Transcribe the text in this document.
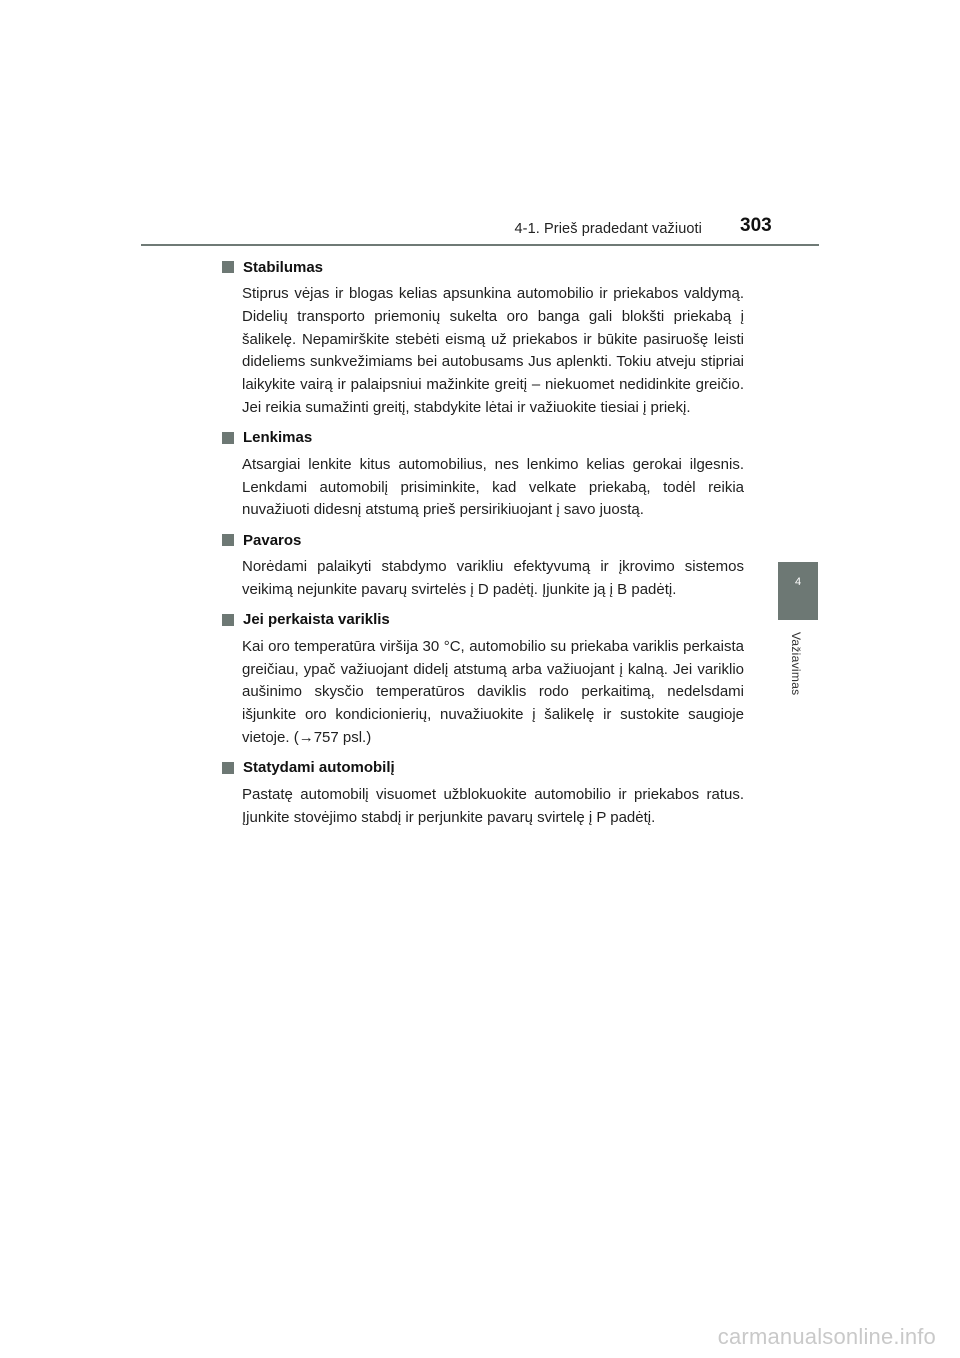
4-1. Prieš pradedant važiuoti 303
4
Važiavimas
Stabilumas
Stiprus vėjas ir blogas kelias apsunkina automobilio ir priekabos valdymą. Didelių transporto priemonių sukelta oro banga gali blokšti priekabą į šalikelę. Nepamirškite stebėti eismą už priekabos ir būkite pasiruošę leisti dideliems sunkvežimiams bei autobusams Jus aplenkti. Tokiu atveju stipriai laikykite vairą ir palaipsniui mažinkite greitį – niekuomet nedidinkite greičio. Jei reikia sumažinti greitį, stabdykite lėtai ir važiuokite tiesiai į priekį.
Lenkimas
Atsargiai lenkite kitus automobilius, nes lenkimo kelias gerokai ilgesnis. Lenkdami automobilį prisiminkite, kad velkate priekabą, todėl reikia nuvažiuoti didesnį atstumą prieš persirikiuojant į savo juostą.
Pavaros
Norėdami palaikyti stabdymo varikliu efektyvumą ir įkrovimo sistemos veikimą nejunkite pavarų svirtelės į D padėtį. Įjunkite ją į B padėtį.
Jei perkaista variklis
Kai oro temperatūra viršija 30 °C, automobilio su priekaba variklis perkaista greičiau, ypač važiuojant didelį atstumą arba važiuojant į kalną. Jei variklio aušinimo skysčio temperatūros daviklis rodo perkaitimą, nedelsdami išjunkite oro kondicionierių, nuvažiuokite į šalikelę ir sustokite saugioje vietoje. (→757 psl.)
Statydami automobilį
Pastatę automobilį visuomet užblokuokite automobilio ir priekabos ratus. Įjunkite stovėjimo stabdį ir perjunkite pavarų svirtelę į P padėtį.
carmanualsonline.info
